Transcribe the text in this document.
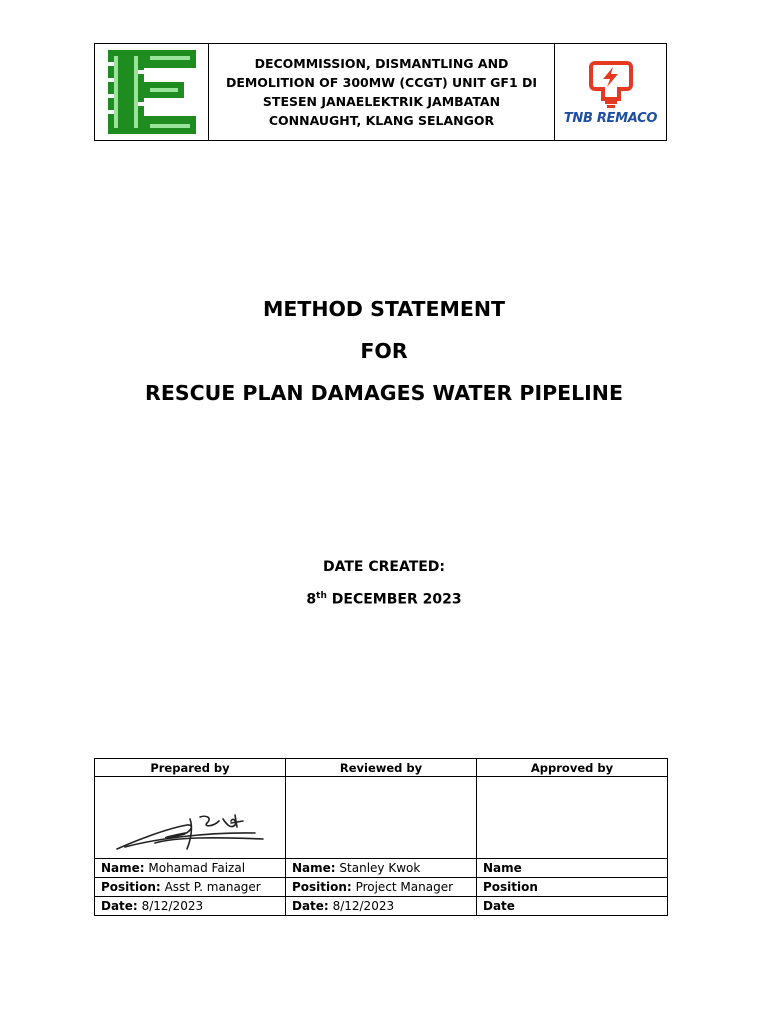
DECOMMISSION, DISMANTLING AND DEMOLITION OF 300MW (CCGT) UNIT GF1 DI STESEN JANAELEKTRIK JAMBATAN CONNAUGHT, KLANG SELANGOR	TNB REMACO
METHOD STATEMENT
FOR
RESCUE PLAN DAMAGES WATER PIPELINE
DATE CREATED:
8th DECEMBER 2023
Prepared by	Reviewed by	Approved by

Name: Mohamad Faizal	Name: Stanley Kwok	Name
Position: Asst P. manager	Position: Project Manager	Position
Date: 8/12/2023	Date: 8/12/2023	Date
